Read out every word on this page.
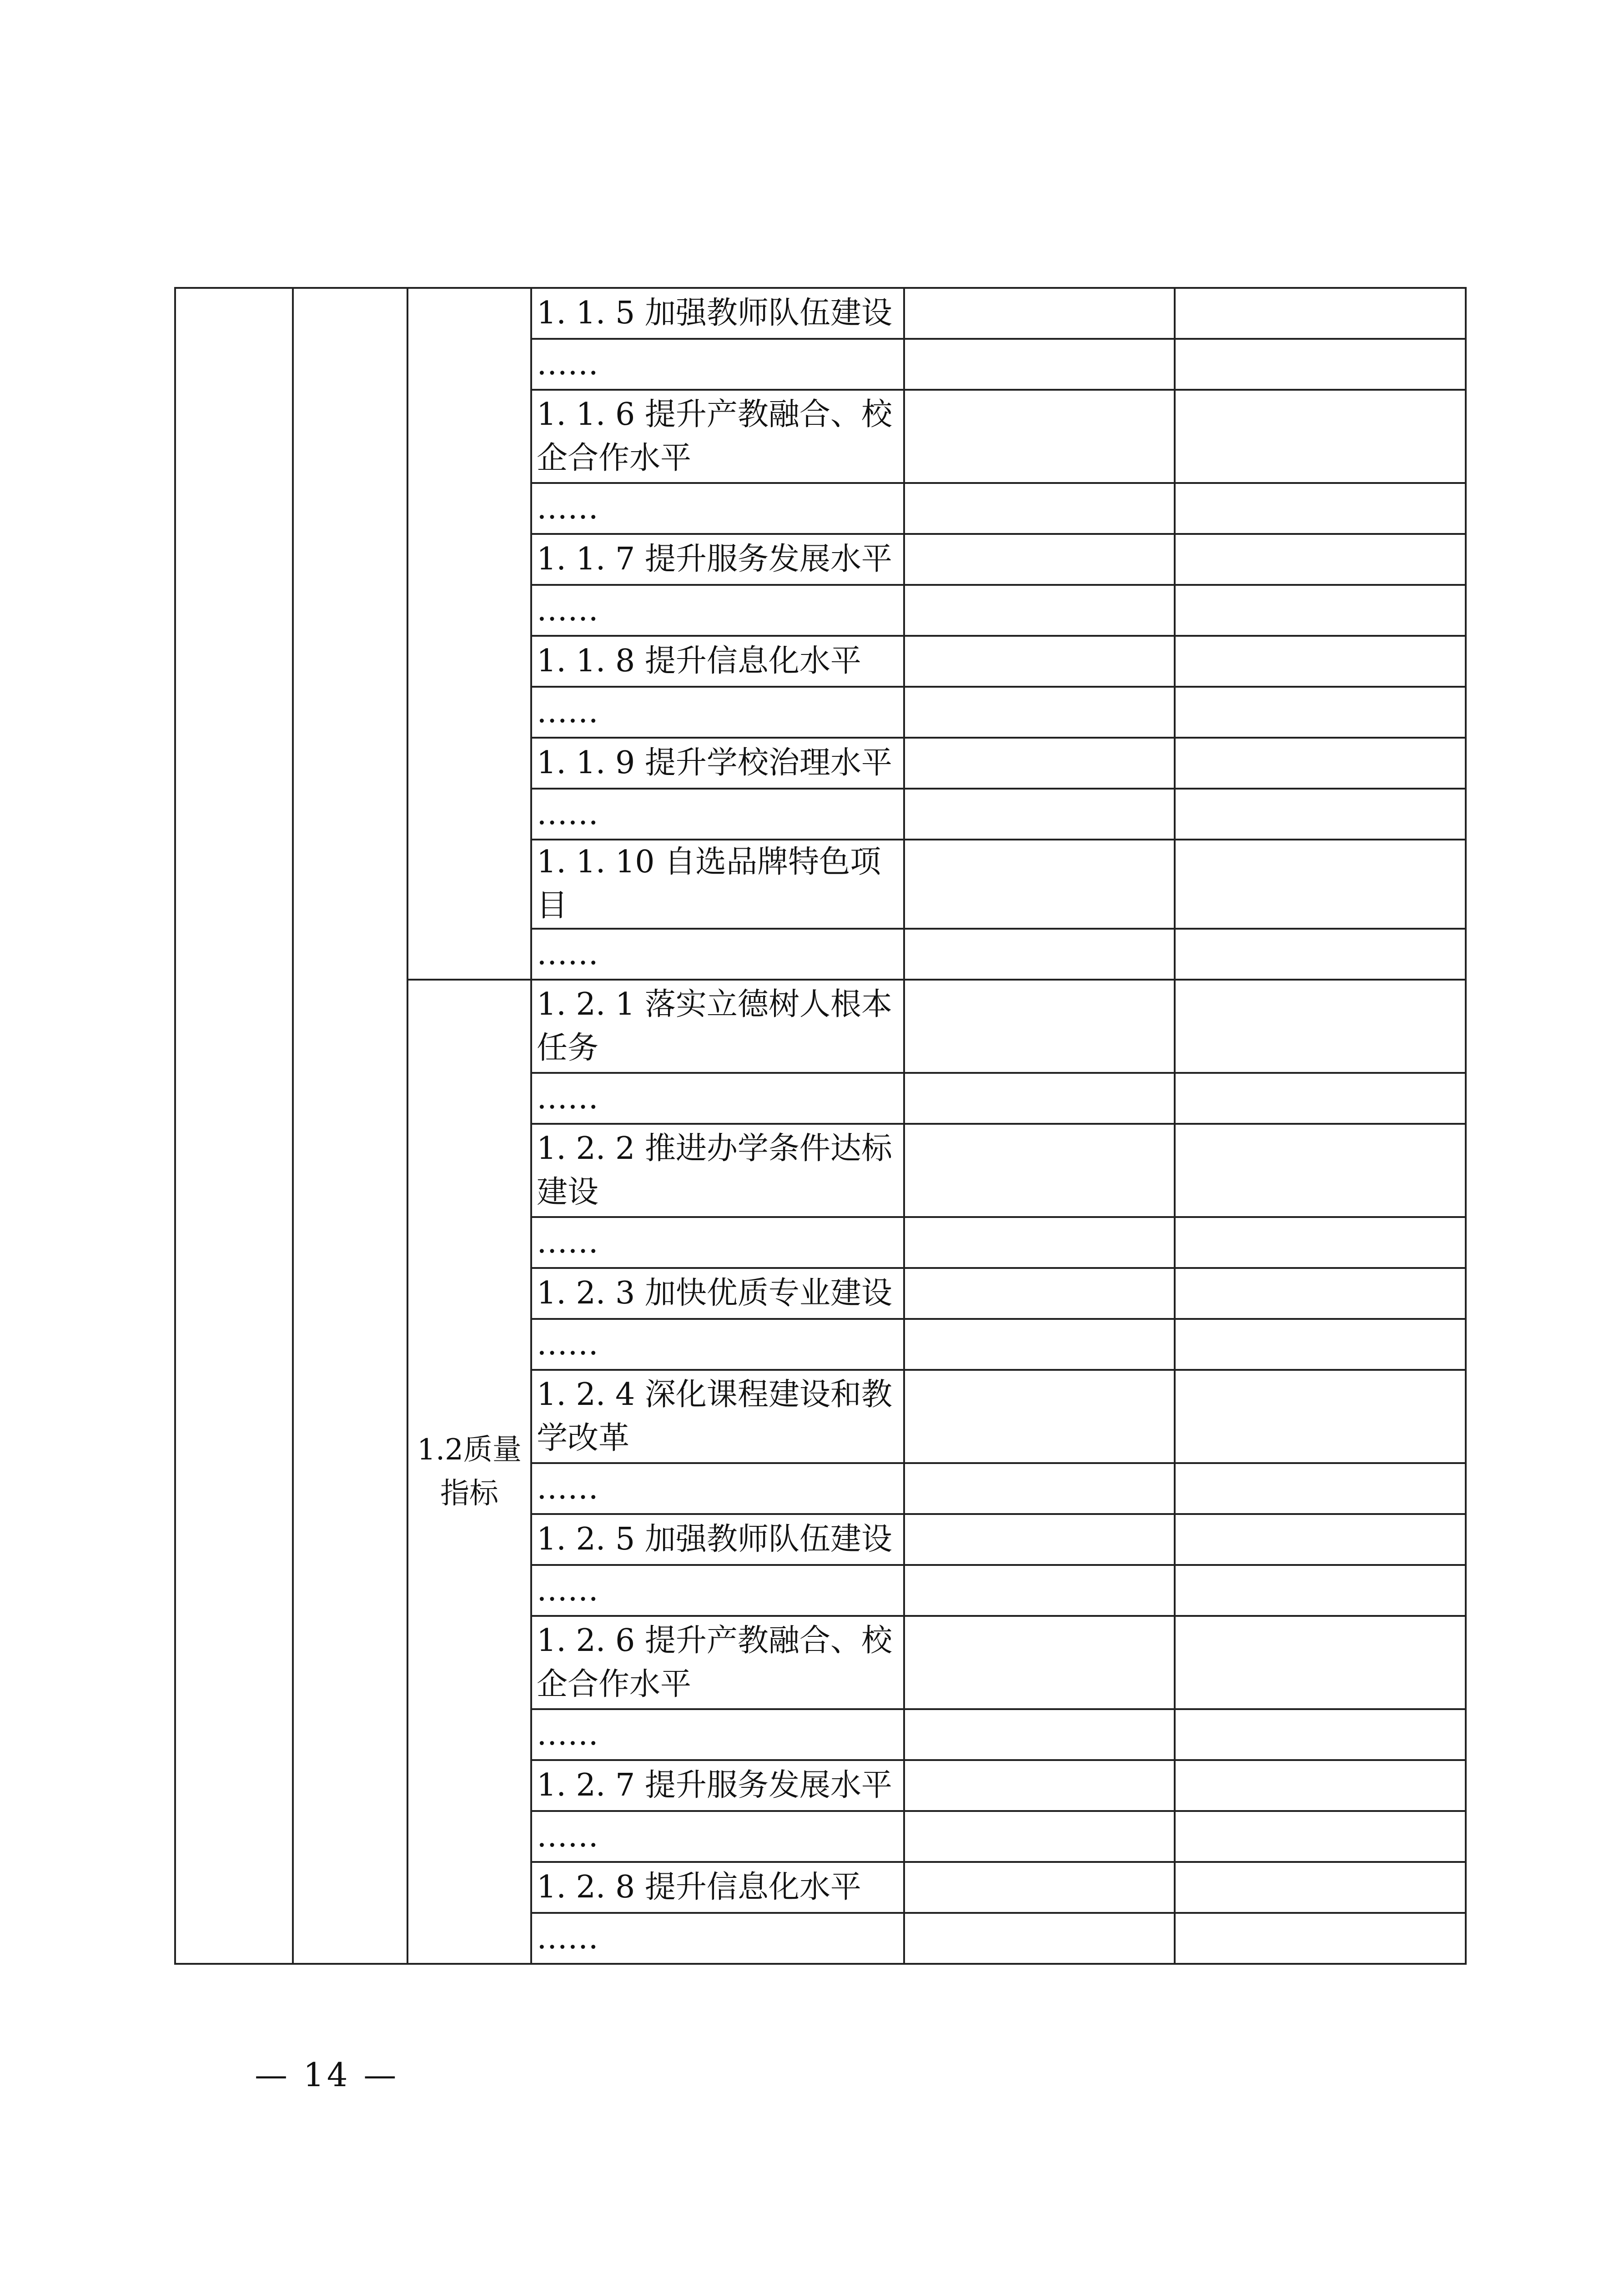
			1. 1. 5 加强教师队伍建设		
			……		
			1. 1. 6 提升产教融合、校企合作水平		
			……		
			1. 1. 7 提升服务发展水平		
			……		
			1. 1. 8 提升信息化水平		
			……		
			1. 1. 9 提升学校治理水平		
			……		
			1. 1. 10 自选品牌特色项目		
			……		
		1.2质量指标	1. 2. 1 落实立德树人根本任务		
			……		
			1. 2. 2 推进办学条件达标建设		
			……		
			1. 2. 3 加快优质专业建设		
			……		
			1. 2. 4 深化课程建设和教学改革		
			……		
			1. 2. 5 加强教师队伍建设		
			……		
			1. 2. 6 提升产教融合、校企合作水平		
			……		
			1. 2. 7 提升服务发展水平		
			……		
			1. 2. 8 提升信息化水平		
			……		
— 14 —
